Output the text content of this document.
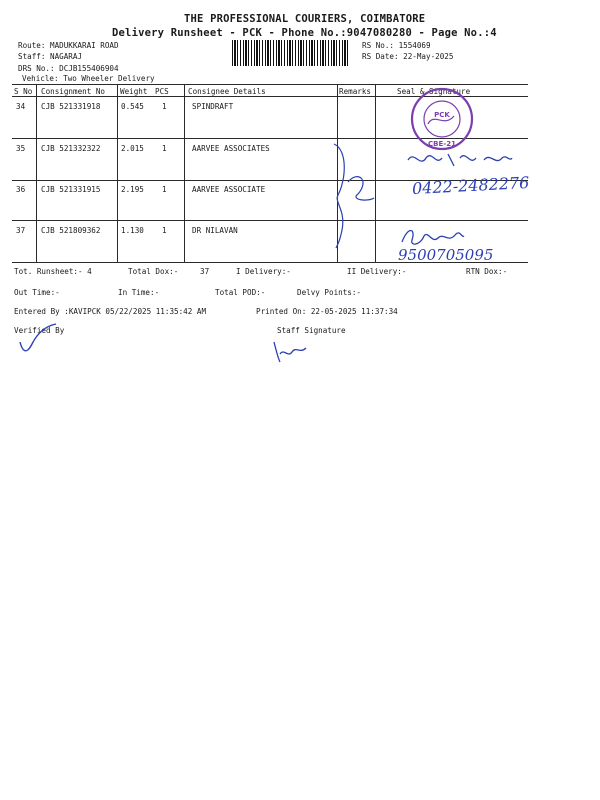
THE PROFESSIONAL COURIERS, COIMBATORE
Delivery Runsheet - PCK - Phone No.:9047080280 - Page No.:4
Route: MADUKKARAI ROAD
Staff: NAGARAJ
DRS No.: DCJB155406904
Vehicle: Two Wheeler Delivery
RS No.: 1554069
RS Date: 22-May-2025
S No Consignment No Weight PCS	Consignee Details	Remarks	Seal & Signature
34 CJB 521331918	0.545 1	SPINDRAFT
35 CJB 521332322	2.015 1	AARVEE ASSOCIATES
36 CJB 521331915	2.195 1	AARVEE ASSOCIATE
37 CJB 521809362	1.130 1	DR NILAVAN
PCK
CBE-21
0422-2482276
9500705095
Tot. Runsheet:- 4	Total Dox:-	37	I Delivery:-	II Delivery:-	RTN Dox:-
Out Time:-	In Time:-	Total POD:-	Delvy Points:-
Entered By :KAVIPCK 05/22/2025 11:35:42 AM	Printed On: 22-05-2025 11:37:34
Verified By	Staff Signature
